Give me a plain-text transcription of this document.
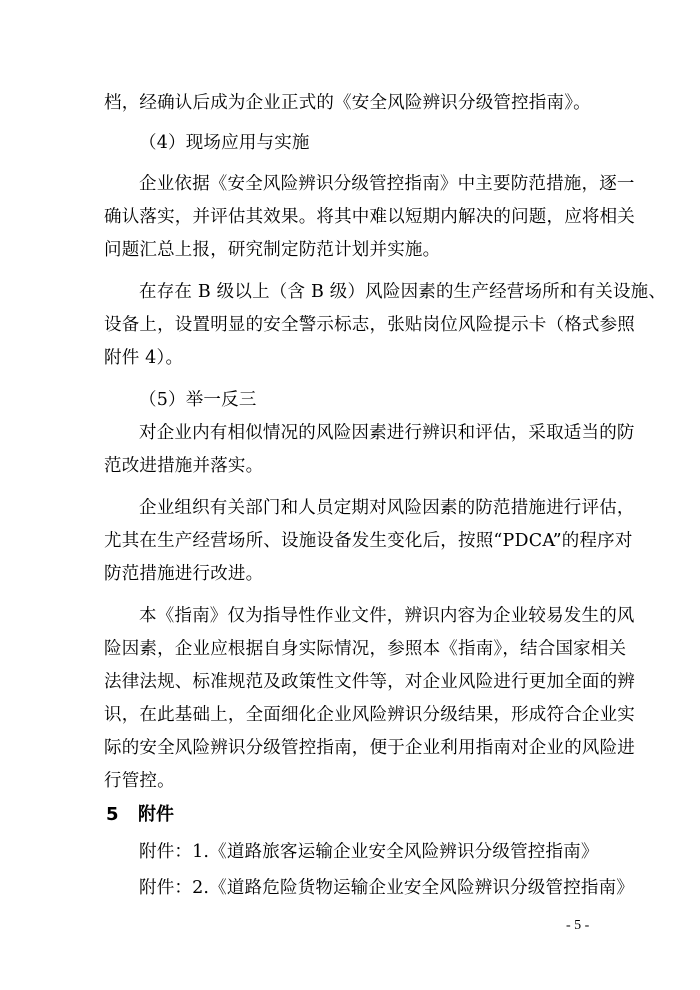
档，经确认后成为企业正式的《安全风险辨识分级管控指南》。
（4）现场应用与实施
企业依据《安全风险辨识分级管控指南》中主要防范措施，逐一
确认落实，并评估其效果。将其中难以短期内解决的问题，应将相关
问题汇总上报，研究制定防范计划并实施。
在存在 B 级以上（含 B 级）风险因素的生产经营场所和有关设施、
设备上，设置明显的安全警示标志，张贴岗位风险提示卡（格式参照
附件 4）。
（5）举一反三
对企业内有相似情况的风险因素进行辨识和评估，采取适当的防
范改进措施并落实。
企业组织有关部门和人员定期对风险因素的防范措施进行评估，
尤其在生产经营场所、设施设备发生变化后，按照“PDCA”的程序对
防范措施进行改进。
本《指南》仅为指导性作业文件，辨识内容为企业较易发生的风
险因素，企业应根据自身实际情况，参照本《指南》，结合国家相关
法律法规、标准规范及政策性文件等，对企业风险进行更加全面的辨
识，在此基础上，全面细化企业风险辨识分级结果，形成符合企业实
际的安全风险辨识分级管控指南，便于企业利用指南对企业的风险进
行管控。
5 附件
附件：1.《道路旅客运输企业安全风险辨识分级管控指南》
附件：2.《道路危险货物运输企业安全风险辨识分级管控指南》
- 5 -
